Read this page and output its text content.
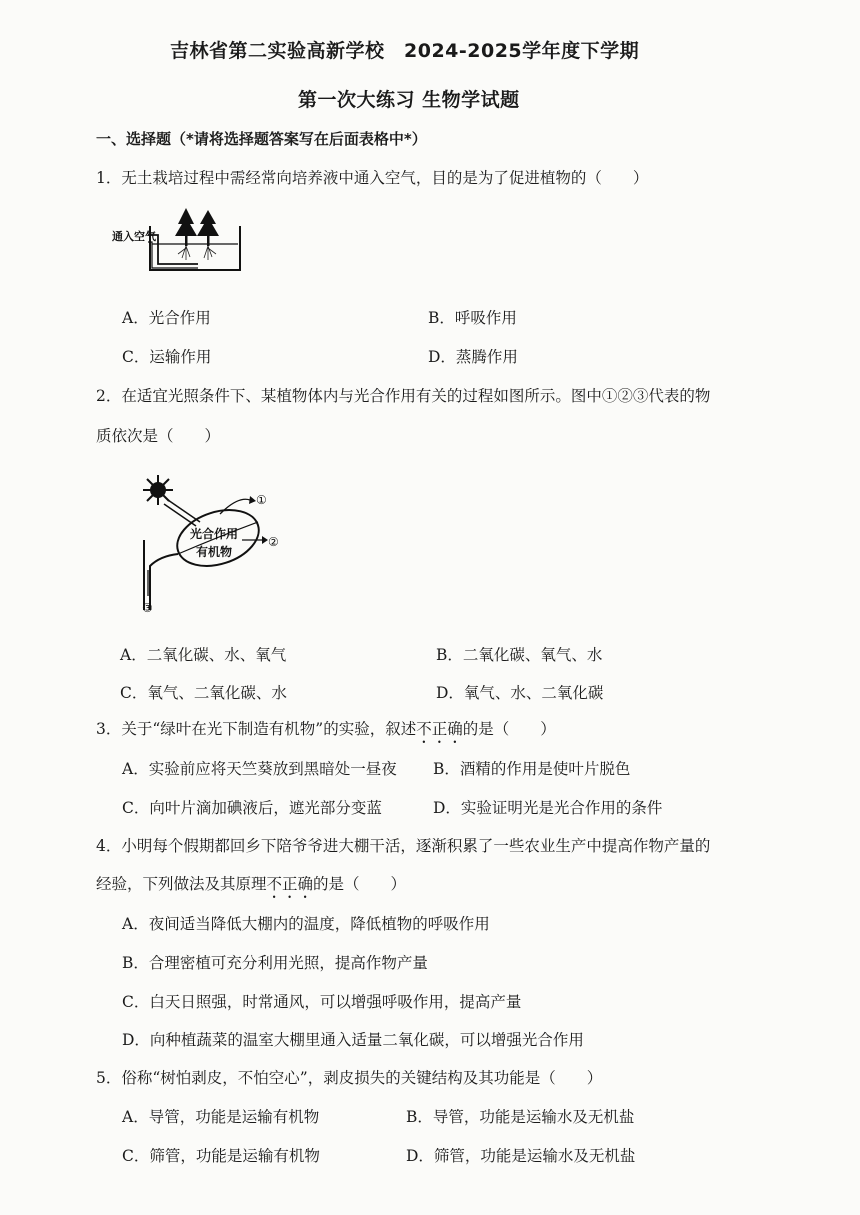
吉林省第二实验高新学校　2024-2025学年度下学期
第一次大练习 生物学试题
一、选择题（*请将选择题答案写在后面表格中*）
1．无土栽培过程中需经常向培养液中通入空气，目的是为了促进植物的（　　）
通入空气
A．光合作用	B．呼吸作用
C．运输作用	D．蒸腾作用
2．在适宜光照条件下、某植物体内与光合作用有关的过程如图所示。图中①②③代表的物
质依次是（　　）
光合作用
有机物
①
②
③
A．二氧化碳、水、氧气	B．二氧化碳、氧气、水
C．氧气、二氧化碳、水	D．氧气、水、二氧化碳
3．关于“绿叶在光下制造有机物”的实验，叙述不正确的是（　　）
A．实验前应将天竺葵放到黑暗处一昼夜 B．酒精的作用是使叶片脱色
C．向叶片滴加碘液后，遮光部分变蓝	D．实验证明光是光合作用的条件
4．小明每个假期都回乡下陪爷爷进大棚干活，逐渐积累了一些农业生产中提高作物产量的
经验，下列做法及其原理不正确的是（　　）
A．夜间适当降低大棚内的温度，降低植物的呼吸作用
B．合理密植可充分利用光照，提高作物产量
C．白天日照强，时常通风，可以增强呼吸作用，提高产量
D．向种植蔬菜的温室大棚里通入适量二氧化碳，可以增强光合作用
5．俗称“树怕剥皮，不怕空心”，剥皮损失的关键结构及其功能是（　　）
A．导管，功能是运输有机物	B．导管，功能是运输水及无机盐
C．筛管，功能是运输有机物	D．筛管，功能是运输水及无机盐
